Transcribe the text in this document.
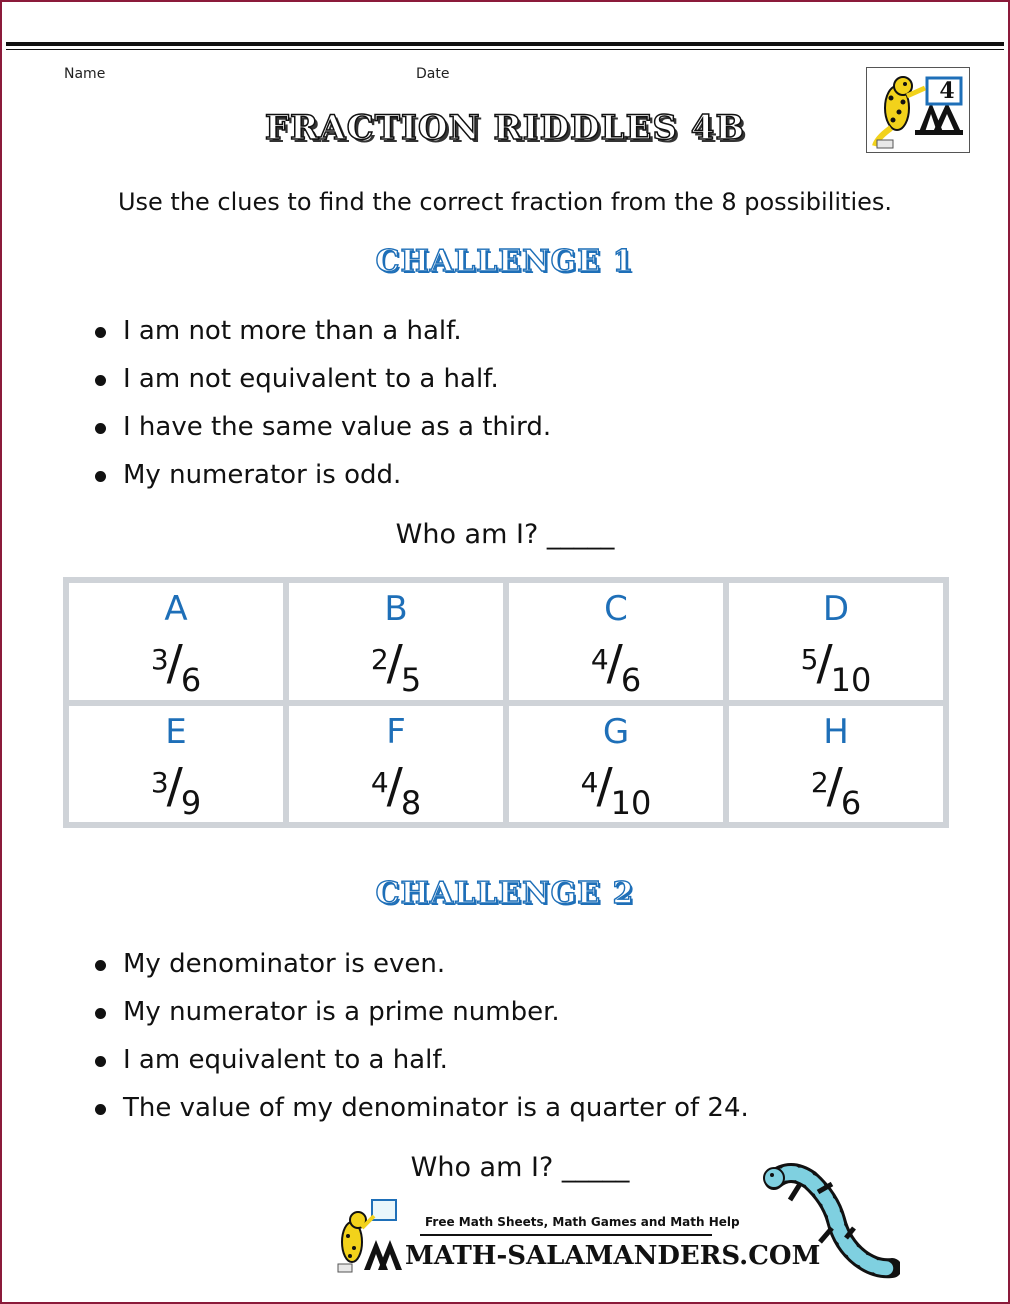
Name	Date
FRACTION RIDDLES 4B
4
Use the clues to find the correct fraction from the 8 possibilities.
CHALLENGE 1
I am not more than a half.
I am not equivalent to a half.
I have the same value as a third.
My numerator is odd.
Who am I? _____
A
$^3$/6
B
$^2$/5
C
$^4$/6
D
$^5$/10
E
$^3$/9
F
$^4$/8
G
$^4$/10
H
$^2$/6
CHALLENGE 2
My denominator is even.
My numerator is a prime number.
I am equivalent to a half.
The value of my denominator is a quarter of 24.
Who am I? _____
Free Math Sheets, Math Games and Math Help
MATH-SALAMANDERS.COM
